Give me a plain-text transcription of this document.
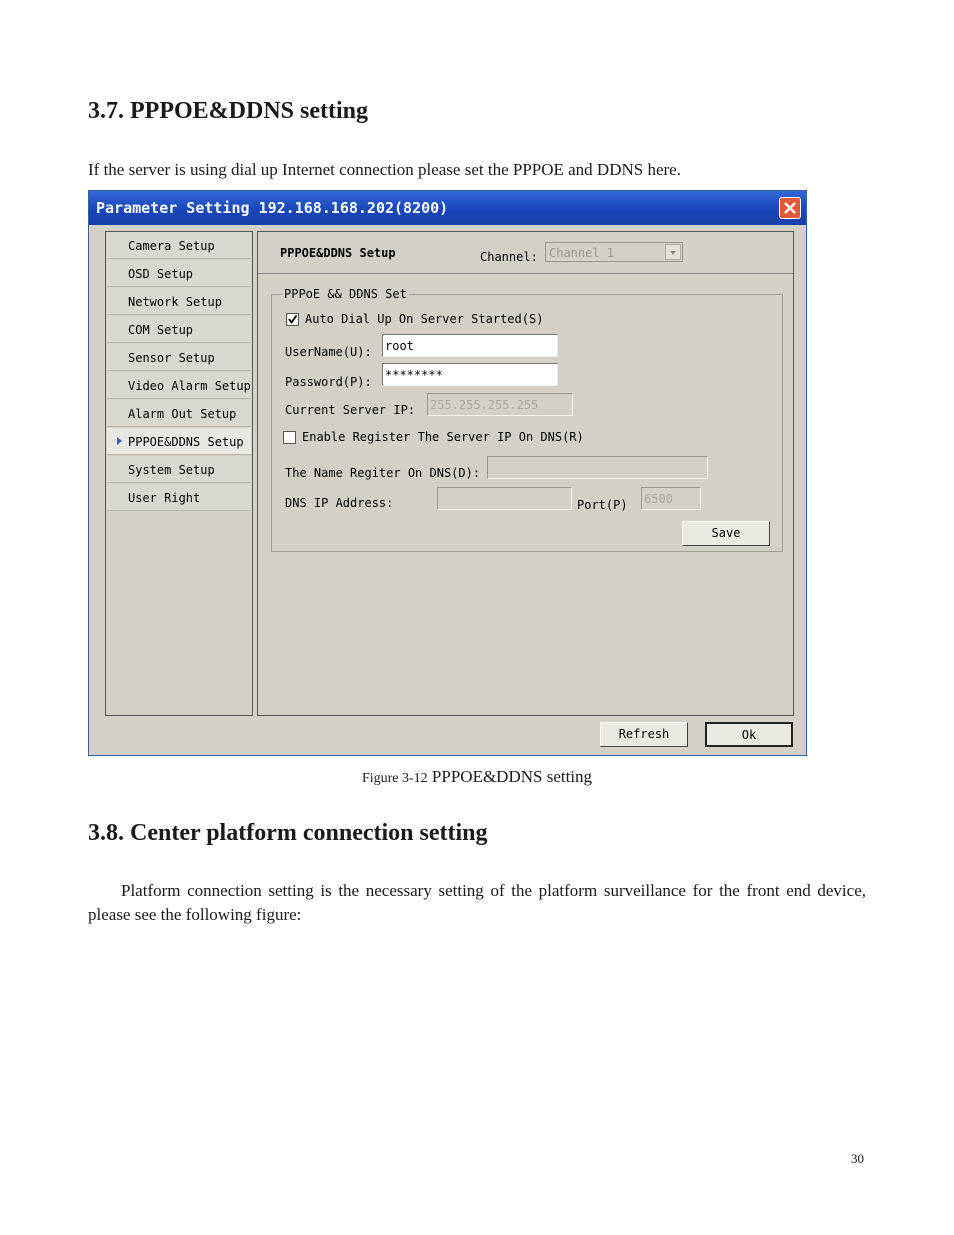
3.7. PPPOE&DDNS setting
If the server is using dial up Internet connection please set the PPPOE and DDNS here.
Parameter Setting 192.168.168.202(8200)
Camera Setup
OSD Setup
Network Setup
COM Setup
Sensor Setup
Video Alarm Setup
Alarm Out Setup
PPPOE&DDNS Setup
System Setup
User Right
PPPOE&DDNS Setup	Channel: Channel 1
PPPoE && DDNS Set
Auto Dial Up On Server Started(S)
UserName(U): root
Password(P): ********
Current Server IP: 255.255.255.255
Enable Register The Server IP On DNS(R)
The Name Regiter On DNS(D):
DNS IP Address:	Port(P) 6500
Save
Refresh	Ok
Figure 3-12 PPPOE&DDNS setting
3.8. Center platform connection setting
Platform connection setting is the necessary setting of the platform surveillance for the front end device, please see the following figure:
30
